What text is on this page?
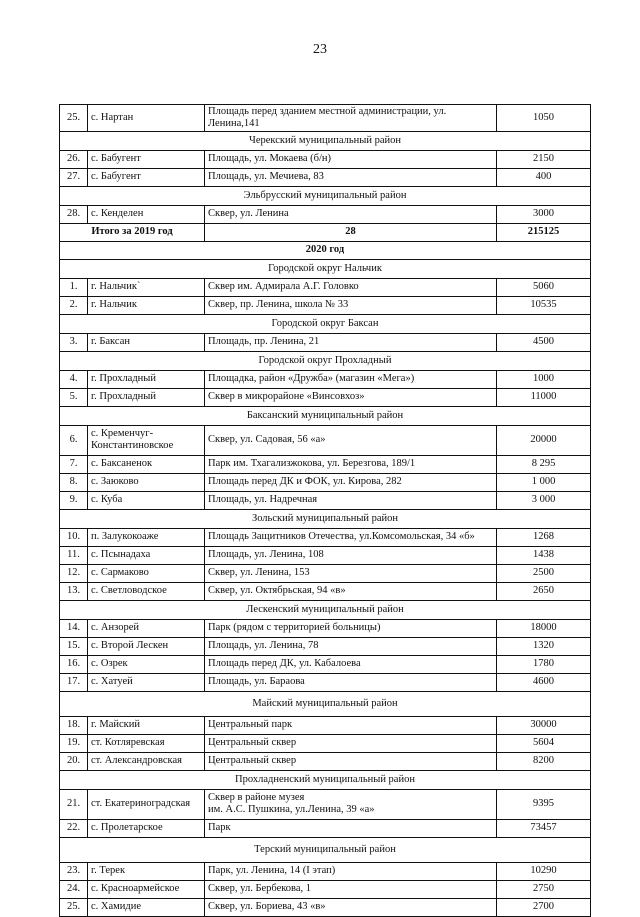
23
25.	с. Нартан	Площадь перед зданием местной администрации, ул. Ленина,141	1050
Черекский муниципальный район			
26.	с. Бабугент	Площадь, ул. Мокаева (б/н)	2150
27.	с. Бабугент	Площадь, ул. Мечиева, 83	400
Эльбрусский муниципальный район			
28.	с. Кенделен	Сквер, ул. Ленина	3000
Итого за 2019 год		28	215125
2020 год			
Городской округ Нальчик			
1.	г. Нальчик`	Сквер им. Адмирала А.Г. Головко	5060
2.	г. Нальчик	Сквер, пр. Ленина, школа № 33	10535
Городской округ Баксан			
3.	г. Баксан	Площадь, пр. Ленина, 21	4500
Городской округ Прохладный			
4.	г. Прохладный	Площадка, район «Дружба» (магазин «Мега»)	1000
5.	г. Прохладный	Сквер в микрорайоне «Винсовхоз»	11000
Баксанский муниципальный район			
6.	с. Кременчуг-Константиновское	Сквер, ул. Садовая, 56 «а»	20000
7.	с. Баксаненок	Парк им. Тхагализжокова, ул. Березгова, 189/1	8 295
8.	с. Заюково	Площадь перед ДК и ФОК, ул. Кирова, 282	1 000
9.	с. Куба	Площадь, ул. Надречная	3 000
Зольский муниципальный район			
10.	п. Залукокоаже	Площадь Защитников Отечества, ул.Комсомольская, 34 «б»	1268
11.	с. Псынадаха	Площадь, ул. Ленина, 108	1438
12.	с. Сармаково	Сквер, ул. Ленина, 153	2500
13.	с. Светловодское	Сквер, ул. Октябрьская, 94 «в»	2650
Лескенский муниципальный район			
14.	с. Анзорей	Парк (рядом с территорией больницы)	18000
15.	с. Второй Лескен	Площадь, ул. Ленина, 78	1320
16.	с. Озрек	Площадь перед ДК, ул. Кабалоева	1780
17.	с. Хатуей	Площадь, ул. Бараова	4600
Майский муниципальный район			
18.	г. Майский	Центральный парк	30000
19.	ст. Котляревская	Центральный сквер	5604
20.	ст. Александровская	Центральный сквер	8200
Прохладненский муниципальный район			
21.	ст. Екатериноградская	Сквер в районе музея
им. А.С. Пушкина, ул.Ленина, 39 «а»	9395
22.	с. Пролетарское	Парк	73457
Терский муниципальный район			
23.	г. Терек	Парк, ул. Ленина, 14 (I этап)	10290
24.	с. Красноармейское	Сквер, ул. Бербекова, 1	2750
25.	с. Хамидие	Сквер, ул. Бориева, 43 «в»	2700
